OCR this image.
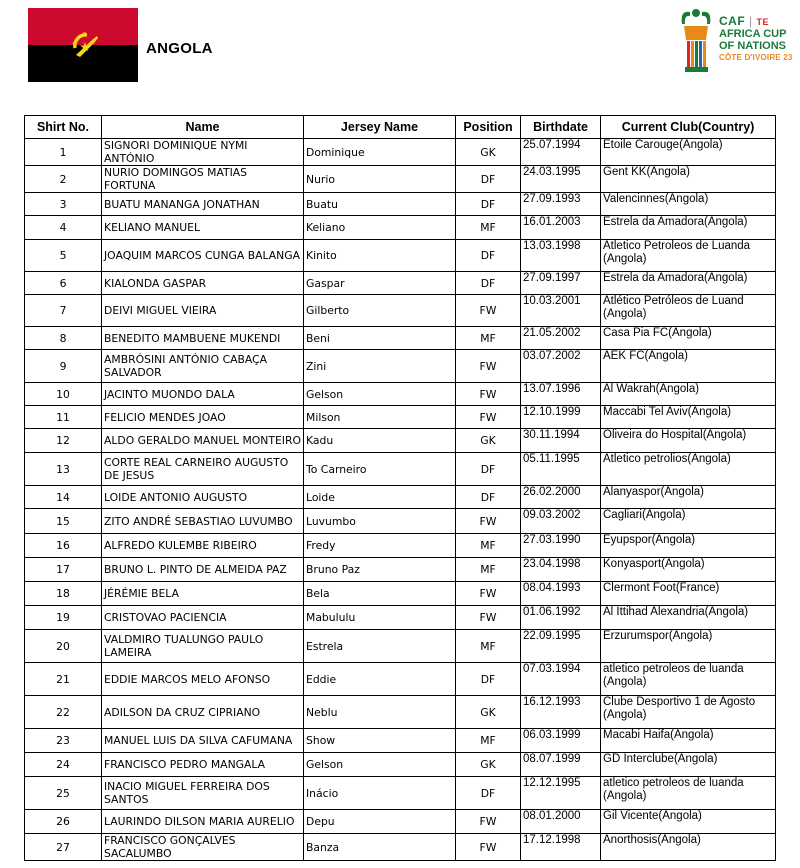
ANGOLA
CAF | TE
AFRICA CUP
OF NATIONS
CÔTE D'IVOIRE 23
Shirt No.	Name	Jersey Name	Position	Birthdate	Current Club(Country)
1	SIGNORI DOMINIQUE NYMI ANTÓNIO	Dominique	GK	25.07.1994	Etoile Carouge(Angola)
2	NURIO DOMINGOS MATIAS FORTUNA	Nurio	DF	24.03.1995	Gent KK(Angola)
3	BUATU MANANGA JONATHAN	Buatu	DF	27.09.1993	Valencinnes(Angola)
4	KELIANO MANUEL	Keliano	MF	16.01.2003	Estrela da Amadora(Angola)
5	JOAQUIM MARCOS CUNGA BALANGA	Kinito	DF	13.03.1998	Atletico Petroleos de Luanda (Angola)
6	KIALONDA GASPAR	Gaspar	DF	27.09.1997	Estrela da Amadora(Angola)
7	DEIVI MIGUEL VIEIRA	Gilberto	FW	10.03.2001	Atlético Petróleos de Luand (Angola)
8	BENEDITO MAMBUENE MUKENDI	Beni	MF	21.05.2002	Casa Pia FC(Angola)
9	AMBRÓSINI ANTÓNIO CABAÇA SALVADOR	Zini	FW	03.07.2002	AEK FC(Angola)
10	JACINTO MUONDO DALA	Gelson	FW	13.07.1996	Al Wakrah(Angola)
11	FELICIO MENDES JOAO	Milson	FW	12.10.1999	Maccabi Tel Aviv(Angola)
12	ALDO GERALDO MANUEL MONTEIRO	Kadu	GK	30.11.1994	Oliveira do Hospital(Angola)
13	CORTE REAL CARNEIRO AUGUSTO DE JESUS	To Carneiro	DF	05.11.1995	Atletico petrolios(Angola)
14	LOIDE ANTONIO AUGUSTO	Loide	DF	26.02.2000	Alanyaspor(Angola)
15	ZITO ANDRÉ SEBASTIAO LUVUMBO	Luvumbo	FW	09.03.2002	Cagliari(Angola)
16	ALFREDO KULEMBE RIBEIRO	Fredy	MF	27.03.1990	Eyupspor(Angola)
17	BRUNO L. PINTO DE ALMEIDA PAZ	Bruno Paz	MF	23.04.1998	Konyasport(Angola)
18	JÉRÉMIE BELA	Bela	FW	08.04.1993	Clermont Foot(France)
19	CRISTOVAO PACIENCIA	Mabululu	FW	01.06.1992	Al Ittihad Alexandria(Angola)
20	VALDMIRO TUALUNGO PAULO LAMEIRA	Estrela	MF	22.09.1995	Erzurumspor(Angola)
21	EDDIE MARCOS MELO AFONSO	Eddie	DF	07.03.1994	atletico petroleos de luanda (Angola)
22	ADILSON DA CRUZ CIPRIANO	Neblu	GK	16.12.1993	Clube Desportivo 1 de Agosto (Angola)
23	MANUEL LUIS DA SILVA CAFUMANA	Show	MF	06.03.1999	Macabi Haifa(Angola)
24	FRANCISCO PEDRO MANGALA	Gelson	GK	08.07.1999	GD Interclube(Angola)
25	INACIO MIGUEL FERREIRA DOS SANTOS	Inácio	DF	12.12.1995	atletico petroleos de luanda (Angola)
26	LAURINDO DILSON MARIA AURELIO	Depu	FW	08.01.2000	Gil Vicente(Angola)
27	FRANCISCO GONÇALVES SACALUMBO	Banza	FW	17.12.1998	Anorthosis(Angola)
